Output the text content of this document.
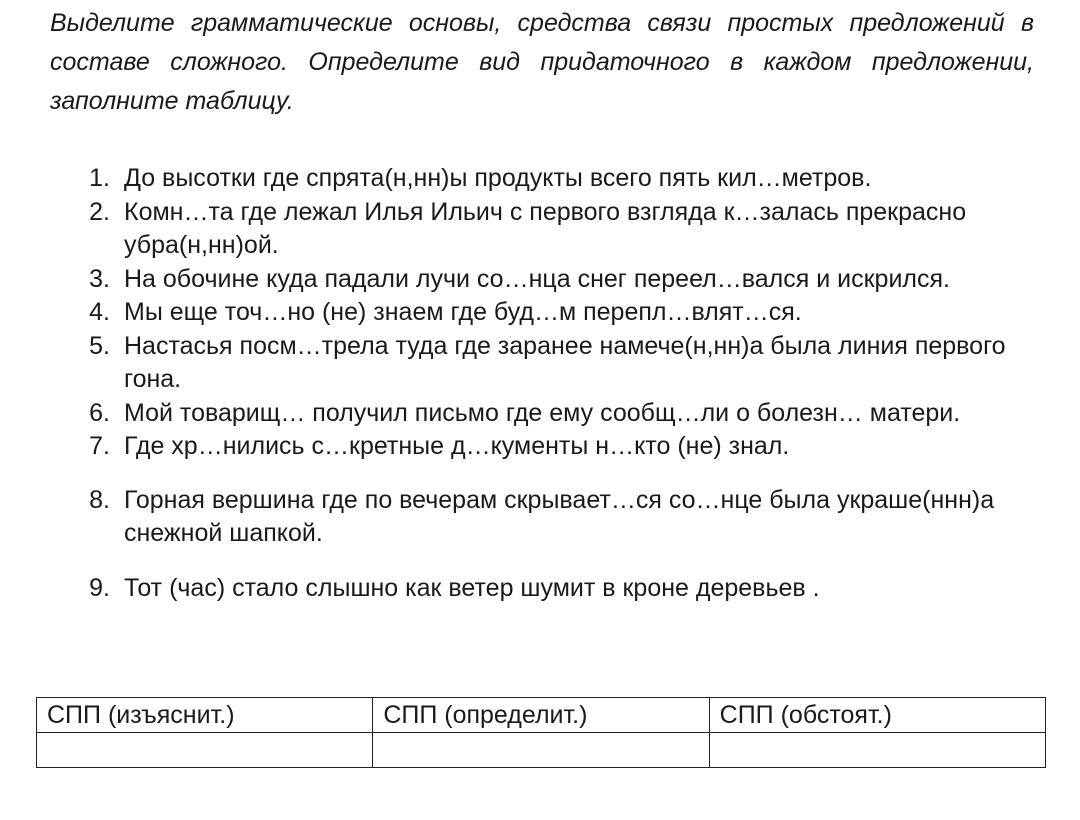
Выделите грамматические основы, средства связи простых предложений в составе сложного. Определите вид придаточного в каждом предложении, заполните таблицу.

1. До высотки где спрята(н,нн)ы продукты всего пять кил…метров.
2. Комн…та где лежал Илья Ильич с первого взгляда к…залась прекрасно убра(н,нн)ой.
3. На обочине куда падали лучи со…нца снег переел…вался и искрился.
4. Мы еще точ…но (не) знаем где буд…м перепл…влят…ся.
5. Настасья посм…трела туда где заранее намече(н,нн)а была линия первого гона.
6. Мой товарищ… получил письмо где ему сообщ…ли о болезн… матери.
7. Где хр…нились с…кретные д…кументы н…кто (не) знал.
8. Горная вершина где по вечерам скрывает…ся со…нце была украше(ннн)а снежной шапкой.
9. Тот (час) стало слышно как ветер шумит в кроне деревьев .
СПП (изъяснит.)	СПП (определит.)	СПП (обстоят.)
